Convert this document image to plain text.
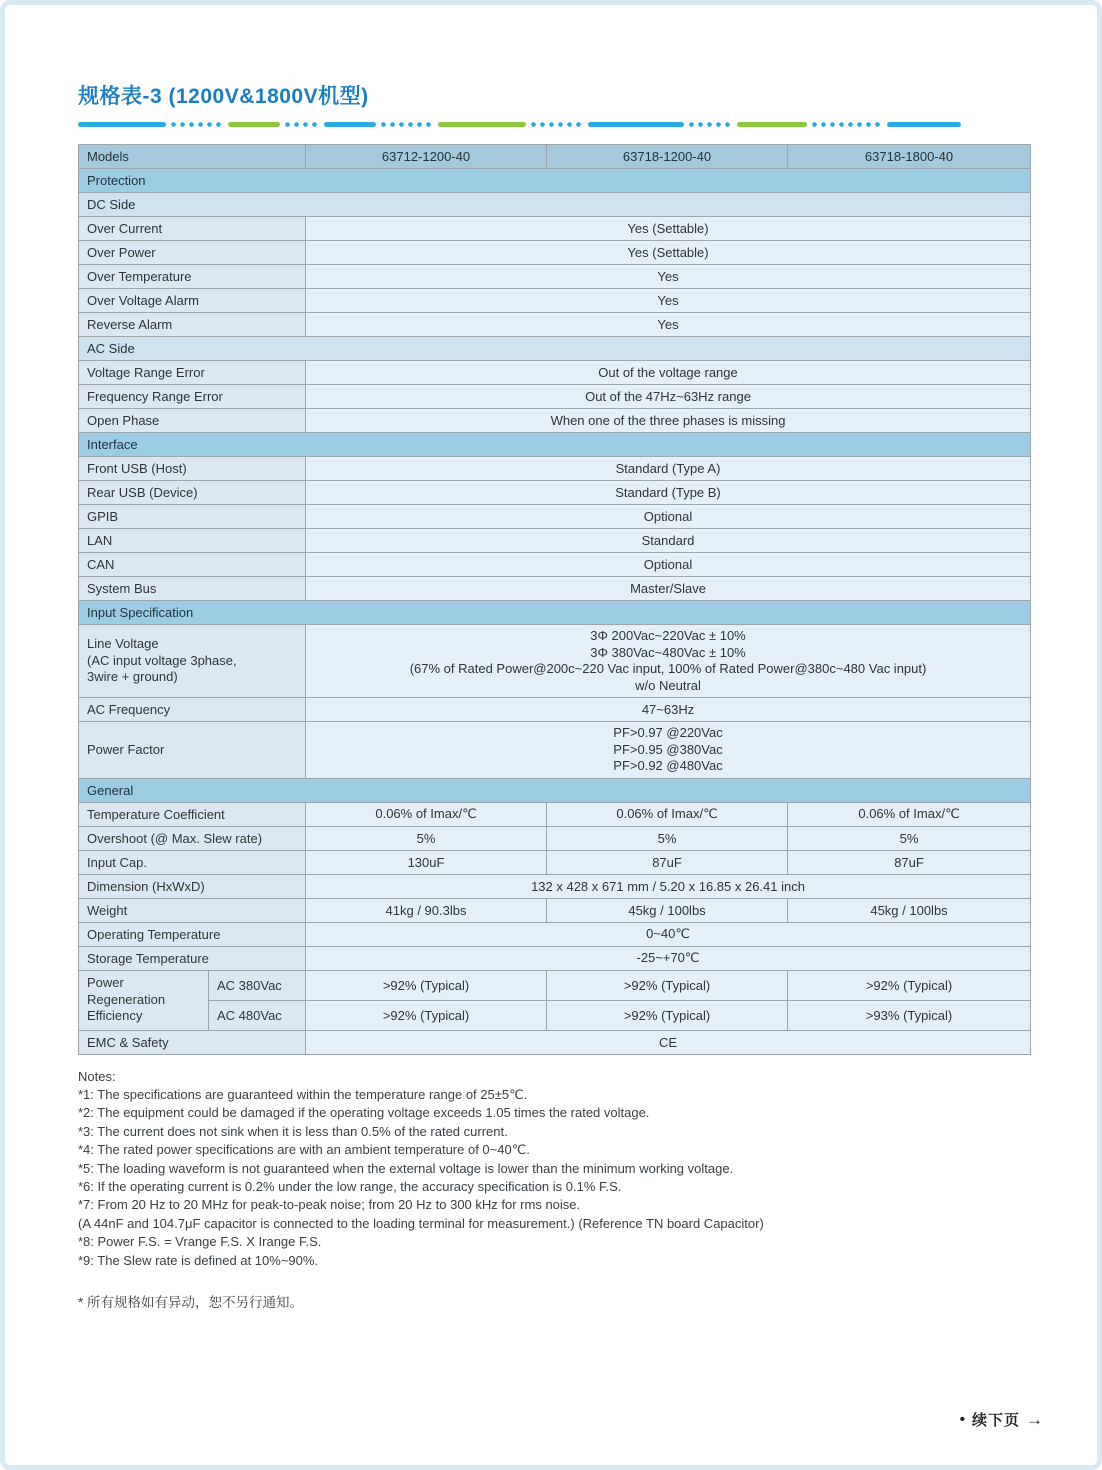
规格表-3 (1200V&1800V机型)
Models		63712-1200-40	63718-1200-40	63718-1800-40
Protection				
DC Side				
Over Current		Yes (Settable)		
Over Power		Yes (Settable)		
Over Temperature		Yes		
Over Voltage Alarm		Yes		
Reverse Alarm		Yes		
AC Side				
Voltage Range Error		Out of the voltage range		
Frequency Range Error		Out of the 47Hz~63Hz range		
Open Phase		When one of the three phases is missing		
Interface				
Front USB (Host)		Standard (Type A)		
Rear USB (Device)		Standard (Type B)		
GPIB		Optional		
LAN		Standard		
CAN		Optional		
System Bus		Master/Slave		
Input Specification				

Line Voltage
(AC input voltage 3phase,
3wire + ground)		3Φ 200Vac~220Vac ± 10%
3Φ 380Vac~480Vac ± 10%
(67% of Rated Power@200c~220 Vac input, 100% of Rated Power@380c~480 Vac input)
w/o Neutral		

AC Frequency		47~63Hz		

Power Factor		PF>0.97 @220Vac
PF>0.95 @380Vac
PF>0.92 @480Vac		

General				
Temperature Coefficient		0.06% of Imax/℃	0.06% of Imax/℃	0.06% of Imax/℃
Overshoot (@ Max. Slew rate)		5%	5%	5%
Input Cap.		130uF	87uF	87uF
Dimension (HxWxD)		132 x 428 x 671 mm / 5.20 x 16.85 x 26.41 inch		
Weight		41kg / 90.3lbs	45kg / 100lbs	45kg / 100lbs
Operating Temperature		0~40℃		
Storage Temperature		-25~+70℃		

Power
Regeneration
Efficiency	AC 380Vac	>92% (Typical)	>92% (Typical)	>92% (Typical)
	AC 480Vac	>92% (Typical)	>92% (Typical)	>93% (Typical)
EMC & Safety		CE		

Notes:

*1: The specifications are guaranteed within the temperature range of 25±5℃.

*2: The equipment could be damaged if the operating voltage exceeds 1.05 times the rated voltage.

*3: The current does not sink when it is less than 0.5% of the rated current.

*4: The rated power specifications are with an ambient temperature of 0~40℃.

*5: The loading waveform is not guaranteed when the external voltage is lower than the minimum working voltage.

*6: If the operating current is 0.2% under the low range, the accuracy specification is 0.1% F.S.

*7: From 20 Hz to 20 MHz for peak-to-peak noise; from 20 Hz to 300 kHz for rms noise.

(A 44nF and 104.7μF capacitor is connected to the loading terminal for measurement.) (Reference TN board Capacitor)

*8: Power F.S. = Vrange F.S. X Irange F.S.

*9: The Slew rate is defined at 10%~90%.

* 所有规格如有异动，恕不另行通知。

• 续下页 →
